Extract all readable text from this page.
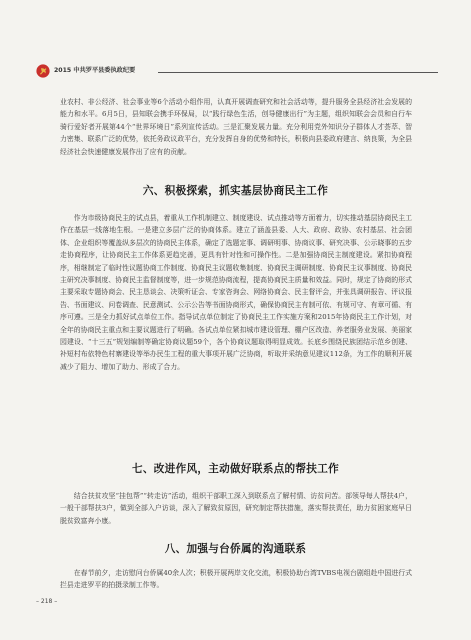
2015 中共罗平县委执政纪要

业农村、非公经济、社会事业等6个活动小组作用，认真开展调查研究和社会活动等，提升服务全县经济社会发展的能力和水平。6月5日，县知联会携手环保局，以“践行绿色生活，创导健康出行”为主题，组织知联会会员和自行车骑行爱好者开展第44个“世界环境日”系列宣传活动。三是汇聚发展力量。充分利用党外知识分子群体人才荟萃、智力密集、联系广泛的优势，依托务政议政平台，充分发挥自身的优势和特长，积极向县委政府建言、纳良策，为全县经济社会快速健康发展作出了应有的贡献。

六、积极探索，抓实基层协商民主工作

作为市级协商民主的试点县，着重从工作机制建立、制度建设、试点推动等方面着力，切实推动基层协商民主工作在基层一线落地生根。一是建立多层广泛的协商体系。建立了涵盖县委、人大、政府、政协、农村基层、社会团体、企业组织等覆盖纵多层次的协商民主体系，确定了选题定事、调研明事、协商议事、研究决事、公示晓事的五步走协商程序，让协商民主工作体系更趋完善，更具有针对性和可操作性。二是加强协商民主制度建设。紧扣协商程序，相继制定了临时性议题协商工作制度、协商民主议题收集制度、协商民主调研制度、协商民主议事制度、协商民主研究决事制度、协商民主监督制度等，进一步规范协商流程，提高协商民主质量和效益。同时，规定了协商的形式主要采取专题协商会、民主恳谈会、决策听证会、专家咨询会、网络协商会、民主督评会，并张具调研报告、评议报告、书面建议、问卷调查、民意测试、公示公告等书面协商形式，确保协商民主有制可依、有规可守、有章可循、有序可遵。三是全力抓好试点单位工作。指导试点单位制定了协商民主工作实施方案和2015年协商民主工作计划，对全年的协商民主重点和主要议题进行了明确。各试点单位紧扣城市建设管理、棚户区改造、养老服务业发展、美丽家园建设、“十三五”规划编制等确定协商议题59个，各个协商议题取得明显成效。长底乡围绕民族团结示范乡创建、补短村布依特色村寨建设等举办民生工程的重大事项开展广泛协商，听取并采纳意见建议112条，为工作的顺利开展减少了阻力、增加了助力、形成了合力。

七、改进作风，主动做好联系点的帮扶工作

结合扶贫攻坚“挂包帮”“转走访”活动，组织干部职工深入到联系点了解村情、访贫问苦。部领导每人帮扶4户，一般干部帮扶3户，做到全部入户访谈，深入了解致贫原因，研究制定帮扶措施，落实帮扶责任，助力贫困家庭早日脱贫致富奔小康。

八、加强与台侨属的沟通联系

在春节前夕，走访慰问台侨属40余人次；积极开展两岸文化交流，积极协助台湾TVBS电视台剧组赴中国进行式拦县走进罗平的拍摄录制工作等。

– 218 –
